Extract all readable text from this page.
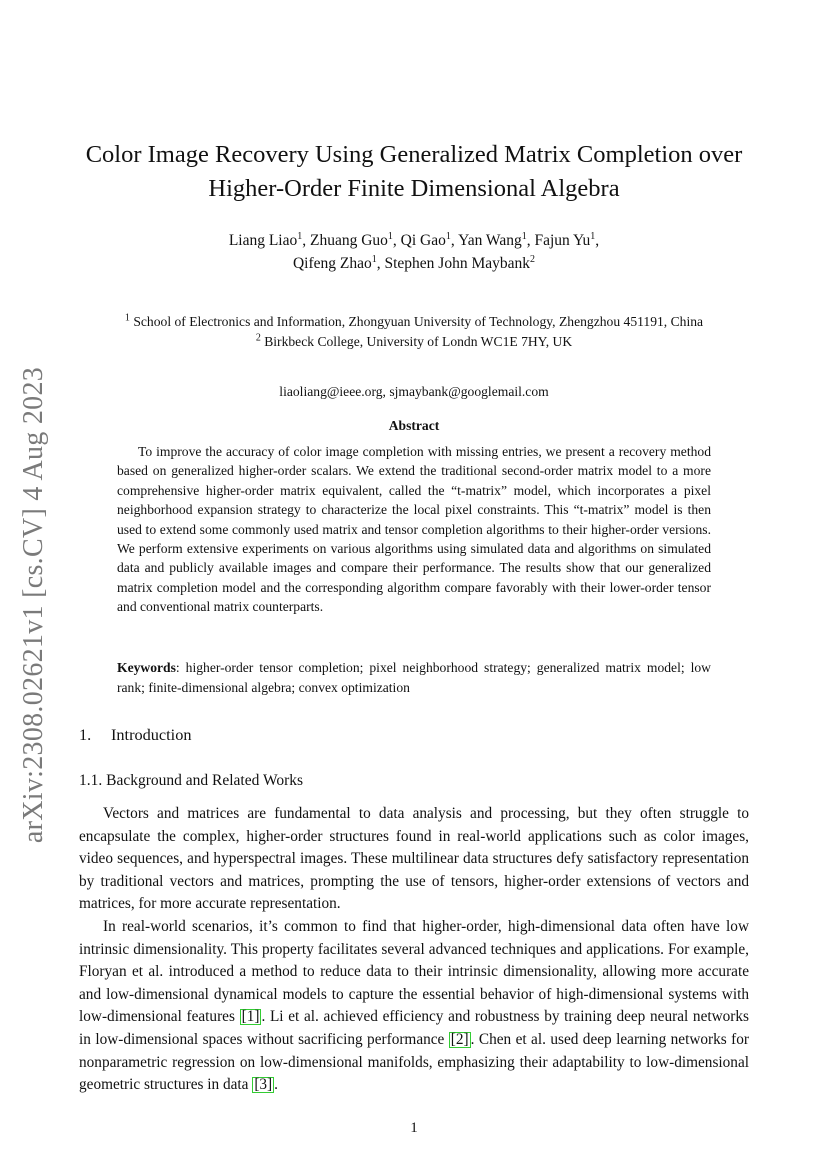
arXiv:2308.02621v1 [cs.CV] 4 Aug 2023
Color Image Recovery Using Generalized Matrix Completion over
Higher-Order Finite Dimensional Algebra
Liang Liao$^1$, Zhuang Guo$^1$, Qi Gao$^1$, Yan Wang$^1$, Fajun Yu$^1$,
Qifeng Zhao$^1$, Stephen John Maybank$^2$
$^1$ School of Electronics and Information, Zhongyuan University of Technology, Zhengzhou 451191, China
$^2$ Birkbeck College, University of Londn WC1E 7HY, UK
liaoliang@ieee.org, sjmaybank@googlemail.com
Abstract

To improve the accuracy of color image completion with missing entries, we present a recovery method based on generalized higher-order scalars. We extend the traditional second-order matrix model to a more comprehensive higher-order matrix equivalent, called the “t-matrix” model, which incorporates a pixel neighborhood expansion strategy to characterize the local pixel constraints. This “t-matrix” model is then used to extend some commonly used matrix and tensor completion algorithms to their higher-order versions. We perform extensive experiments on various algorithms using simulated data and algorithms on simulated data and publicly available images and compare their performance. The results show that our generalized matrix completion model and the corresponding algorithm compare favorably with their lower-order tensor and conventional matrix counterparts.

Keywords: higher-order tensor completion; pixel neighborhood strategy; generalized matrix model; low rank; finite-dimensional algebra; convex optimization

1. Introduction
1.1. Background and Related Works

Vectors and matrices are fundamental to data analysis and processing, but they often struggle to encapsulate the complex, higher-order structures found in real-world applications such as color images, video sequences, and hyperspectral images. These multilinear data structures defy satisfactory representation by traditional vectors and matrices, prompting the use of tensors, higher-order extensions of vectors and matrices, for more accurate representation.

In real-world scenarios, it’s common to find that higher-order, high-dimensional data often have low intrinsic dimensionality. This property facilitates several advanced techniques and applications. For example, Floryan et al. introduced a method to reduce data to their intrinsic dimensionality, allowing more accurate and low-dimensional dynamical models to capture the essential behavior of high-dimensional systems with low-dimensional features [1] . Li et al. achieved efficiency and robustness by training deep neural networks in low-dimensional spaces without sacrificing performance [2] . Chen et al. used deep learning networks for nonparametric regression on low-dimensional manifolds, emphasizing their adaptability to low-dimensional geometric structures in data [3] .

1
